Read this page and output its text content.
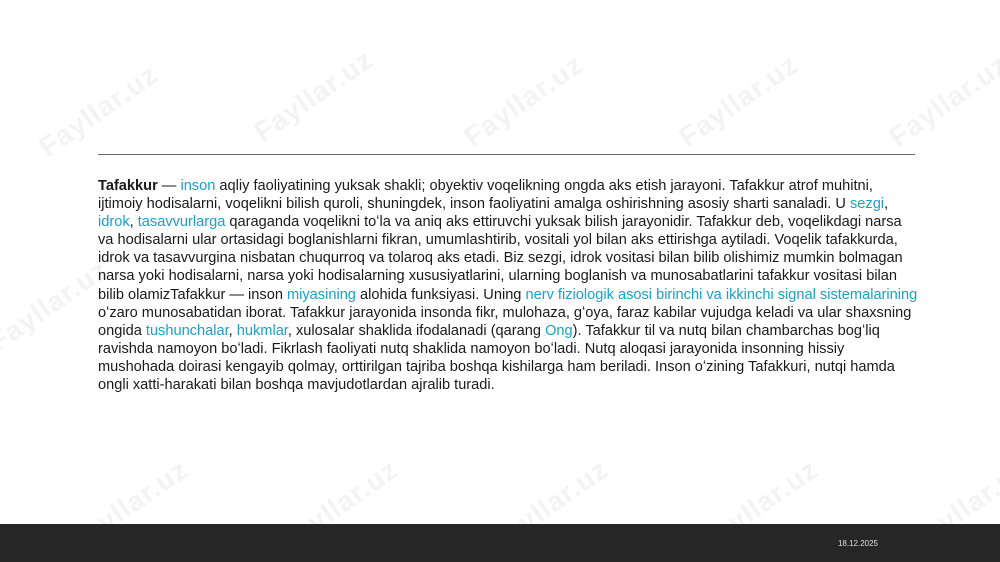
Tafakkur — inson aqliy faoliyatining yuksak shakli; obyektiv voqelikning ongda aks etish jarayoni. Tafakkur atrof muhitni, ijtimoiy hodisalarni, voqelikni bilish quroli, shuningdek, inson faoliyatini amalga oshirishning asosiy sharti sanaladi. U sezgi, idrok, tasavvurlarga qaraganda voqelikni toʻla va aniq aks ettiruvchi yuksak bilish jarayonidir. Tafakkur deb, voqelikdagi narsa va hodisalarni ular ortasidagi boglanishlarni fikran, umumlashtirib, vositali yol bilan aks ettirishga aytiladi. Voqelik tafakkurda, idrok va tasavvurgina nisbatan chuqurroq va tolaroq aks etadi. Biz sezgi, idrok vositasi bilan bilib olishimiz mumkin bolmagan narsa yoki hodisalarni, narsa yoki hodisalarning xususiyatlarini, ularning boglanish va munosabatlarini tafakkur vositasi bilan bilib olamizTafakkur — inson miyasining alohida funksiyasi. Uning nerv fiziologik asosi birinchi va ikkinchi signal sistemalarining oʻzaro munosabatidan iborat. Tafakkur jarayonida insonda fikr, mulohaza, gʻoya, faraz kabilar vujudga keladi va ular shaxsning ongida tushunchalar, hukmlar, xulosalar shaklida ifodalanadi (qarang Ong). Tafakkur til va nutq bilan chambarchas bogʻliq ravishda namoyon boʻladi. Fikrlash faoliyati nutq shaklida namoyon boʻladi. Nutq aloqasi jarayonida insonning hissiy mushohada doirasi kengayib qolmay, orttirilgan tajriba boshqa kishilarga ham beriladi. Inson oʻzining Tafakkuri, nutqi hamda ongli xatti-harakati bilan boshqa mavjudotlardan ajralib turadi.

18.12.2025
